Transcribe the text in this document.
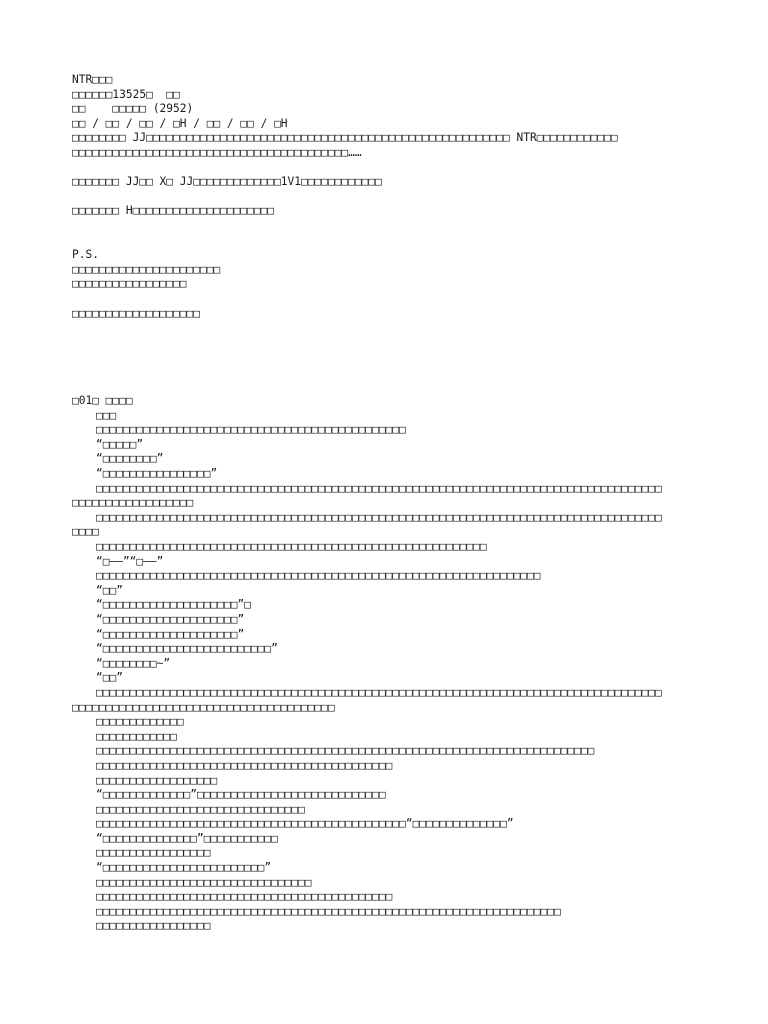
NTR□□□
□□□□□□13525□  □□
□□    □□□□□ (2952)
□□ / □□ / □□ / □H / □□ / □□ / □H
□□□□□□□□ JJ□□□□□□□□□□□□□□□□□□□□□□□□□□□□□□□□□□□□□□□□□□□□□□□□□□□□□□ NTR□□□□□□□□□□□□
□□□□□□□□□□□□□□□□□□□□□□□□□□□□□□□□□□□□□□□□□……
□□□□□□□ JJ□□ X□ JJ□□□□□□□□□□□□□1V1□□□□□□□□□□□□
□□□□□□□ H□□□□□□□□□□□□□□□□□□□□□
P.S.
□□□□□□□□□□□□□□□□□□□□□□
□□□□□□□□□□□□□□□□□
□□□□□□□□□□□□□□□□□□□
□01□ □□□□
□□□
□□□□□□□□□□□□□□□□□□□□□□□□□□□□□□□□□□□□□□□□□□□□□□
“□□□□□”
“□□□□□□□□”
“□□□□□□□□□□□□□□□□”
□□□□□□□□□□□□□□□□□□□□□□□□□□□□□□□□□□□□□□□□□□□□□□□□□□□□□□□□□□□□□□□□□□□□□□□□□□□□□□□□□□□□
□□□□□□□□□□□□□□□□□□
□□□□□□□□□□□□□□□□□□□□□□□□□□□□□□□□□□□□□□□□□□□□□□□□□□□□□□□□□□□□□□□□□□□□□□□□□□□□□□□□□□□□
□□□□
□□□□□□□□□□□□□□□□□□□□□□□□□□□□□□□□□□□□□□□□□□□□□□□□□□□□□□□□□□
“□——”“□——”
□□□□□□□□□□□□□□□□□□□□□□□□□□□□□□□□□□□□□□□□□□□□□□□□□□□□□□□□□□□□□□□□□□
“□□”
“□□□□□□□□□□□□□□□□□□□□”□
“□□□□□□□□□□□□□□□□□□□□”
“□□□□□□□□□□□□□□□□□□□□”
“□□□□□□□□□□□□□□□□□□□□□□□□□”
“□□□□□□□□~”
“□□”
□□□□□□□□□□□□□□□□□□□□□□□□□□□□□□□□□□□□□□□□□□□□□□□□□□□□□□□□□□□□□□□□□□□□□□□□□□□□□□□□□□□□
□□□□□□□□□□□□□□□□□□□□□□□□□□□□□□□□□□□□□□□
□□□□□□□□□□□□□
□□□□□□□□□□□□
□□□□□□□□□□□□□□□□□□□□□□□□□□□□□□□□□□□□□□□□□□□□□□□□□□□□□□□□□□□□□□□□□□□□□□□□□□
□□□□□□□□□□□□□□□□□□□□□□□□□□□□□□□□□□□□□□□□□□□□
□□□□□□□□□□□□□□□□□□
“□□□□□□□□□□□□□”□□□□□□□□□□□□□□□□□□□□□□□□□□□□
□□□□□□□□□□□□□□□□□□□□□□□□□□□□□□□
□□□□□□□□□□□□□□□□□□□□□□□□□□□□□□□□□□□□□□□□□□□□□□“□□□□□□□□□□□□□□”
“□□□□□□□□□□□□□□”□□□□□□□□□□□
□□□□□□□□□□□□□□□□□
“□□□□□□□□□□□□□□□□□□□□□□□□”
□□□□□□□□□□□□□□□□□□□□□□□□□□□□□□□□
□□□□□□□□□□□□□□□□□□□□□□□□□□□□□□□□□□□□□□□□□□□□
□□□□□□□□□□□□□□□□□□□□□□□□□□□□□□□□□□□□□□□□□□□□□□□□□□□□□□□□□□□□□□□□□□□□□
□□□□□□□□□□□□□□□□□
